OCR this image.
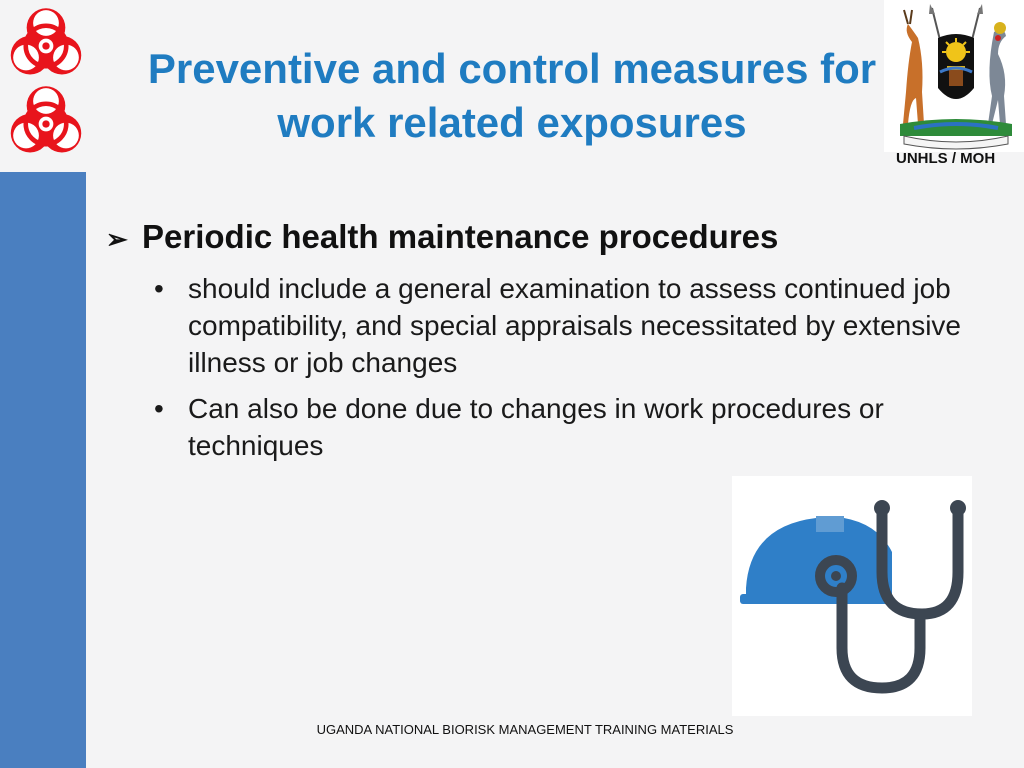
Preventive and control measures for
work related exposures
UNHLS / MOH
➢ Periodic health maintenance procedures
• should include a general examination to assess continued job compatibility, and special appraisals necessitated by extensive illness or job changes
• Can also be done due to changes in work procedures or techniques
UGANDA NATIONAL BIORISK MANAGEMENT TRAINING MATERIALS
